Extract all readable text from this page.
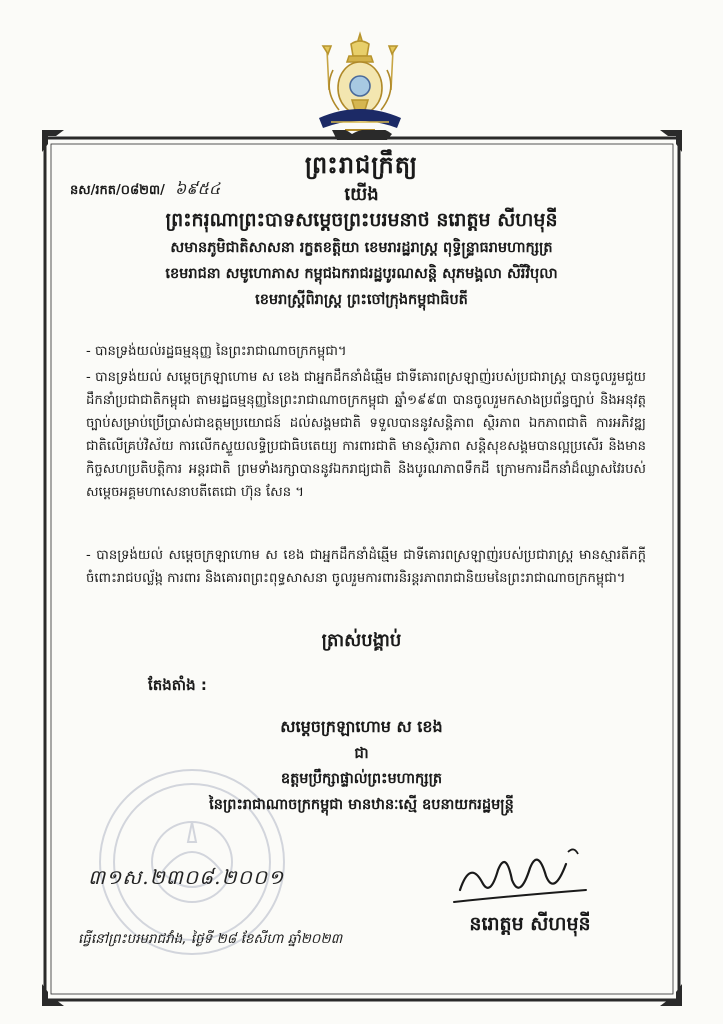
ព្រះរាជក្រឹត្យ
នស/រកត/០៨២៣/ ៦៩៥៤	យើង
ព្រះករុណាព្រះបាទសម្តេចព្រះបរមនាថ នរោត្តម សីហមុនី
សមានភូមិជាតិសាសនា រក្ខតខត្តិយា ខេមរារដ្ឋរាស្ត្រ ពុទ្ធិន្ទ្រាធរាមហាក្សត្រ
ខេមរាជនា សមូហោភាស កម្ពុជឯករាជរដ្ឋបូរណសន្តិ សុភមង្គលា សិរីវិបុលា
ខេមរាស្ត្រីពិរាស្ត្រ ព្រះចៅក្រុងកម្ពុជាធិបតី
- បានទ្រង់យល់រដ្ឋធម្មនុញ្ញ នៃព្រះរាជាណាចក្រកម្ពុជា។
- បានទ្រង់យល់ សម្តេចក្រឡាហោម ស ខេង ជាអ្នកដឹកនាំដំឆ្មើម ជាទីគោរពស្រឡាញ់របស់ប្រជារាស្ត្រ បានចូលរួមជួយដឹកនាំប្រជាជាតិកម្ពុជា តាមរដ្ឋធម្មនុញ្ញនៃព្រះរាជាណាចក្រកម្ពុជា ឆ្នាំ១៩៩៣ បានចូលរួមកសាងប្រព័ន្ធច្បាប់ និងអនុវត្តច្បាប់សម្រាប់ប្រើប្រាស់ជាឧត្តមប្រយោជន៍ ដល់សង្គមជាតិ ទទួលបាននូវសន្តិភាព ស្ថិរភាព ឯកភាពជាតិ ការអភិវឌ្ឍជាតិលើគ្រប់វិស័យ ការលើកស្ទួយលទ្ធិប្រជាធិបតេយ្យ ការពារជាតិ មានស្ថិរភាព សន្តិសុខសង្គមបានល្អប្រសើរ និងមានកិច្ចសហប្រតិបត្តិការ អន្តរជាតិ ព្រមទាំងរក្សាបាននូវឯករាជ្យជាតិ និងបូរណភាពទឹកដី ក្រោមការដឹកនាំដ៏ឈ្លាសវៃរបស់ សម្តេចអគ្គមហាសេនាបតីតេជោ ហ៊ុន សែន ។
- បានទ្រង់យល់ សម្តេចក្រឡាហោម ស ខេង ជាអ្នកដឹកនាំដំឆ្មើម ជាទីគោរពស្រឡាញ់របស់ប្រជារាស្ត្រ មានស្មារតីភក្តីចំពោះរាជបល្ល័ង្ក ការពារ និងគោរពព្រះពុទ្ធសាសនា ចូលរួមការពារនិរន្តរភាពរាជានិយមនៃព្រះរាជាណាចក្រកម្ពុជា។
ត្រាស់បង្គាប់
តែងតាំង :
សម្តេចក្រឡាហោម ស ខេង
ជា
ឧត្តមប្រឹក្សាផ្ទាល់ព្រះមហាក្សត្រ
នៃព្រះរាជាណាចក្រកម្ពុជា មានឋានៈស្មើ ឧបនាយករដ្ឋមន្ត្រី
៣១ស.២៣០៨.២០០១
នរោត្តម សីហមុនី
ធ្វើនៅព្រះបរមរាជវាំង, ថ្ងៃទី ២៨ ខែសីហា ឆ្នាំ២០២៣
